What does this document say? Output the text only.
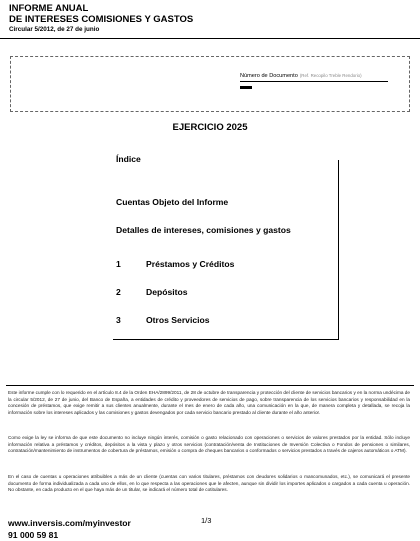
INFORME ANUAL
DE INTERESES COMISIONES Y GASTOS
Circular 5/2012, de 27 de junio
Número de Documento (Ref. Recopilo Treble Rendorio)
EJERCICIO 2025
Índice
Cuentas Objeto del Informe
Detalles de intereses, comisiones y gastos
1	Préstamos y Créditos
2	Depósitos
3	Otros Servicios

Este informe cumple con lo requerido en el artículo 8.4 de la Orden EHA/2899/2011, de 28 de octubre de transparencia y protección del cliente de servicios bancarios y en la norma undécima de la circular 5/2012, de 27 de junio, del Banco de España, a entidades de crédito y proveedores de servicios de pago, sobre transparencia de los servicios bancarios y responsabilidad en la concesión de préstamos, que exige remitir a sus clientes anualmente, durante el mes de enero de cada año, una comunicación en la que, de manera completa y detallada, se recoja la información sobre los intereses aplicados y las comisiones y gastos devengados por cada servicio bancario prestado al cliente durante el año anterior.

Como exige la ley se informa de que este documento no incluye ningún interés, comisión o gasto relacionado con operaciones o servicios de valores prestados por la entidad. Sólo incluye información relativa a préstamos y créditos, depósitos a la vista y plazo y otros servicios (contratación/venta de Instituciones de Inversión Colectiva o Fondos de pensiones o similares, contratación/mantenimiento de instrumentos de cobertura de préstamos, emisión o compra de cheques bancarios o conformados o servicios prestados a través de cajeros automáticos o ATM).

En el caso de cuentas u operaciones atribuibles a más de un cliente (cuentas con varios titulares, préstamos con deudores solidarios o mancomunados, etc.), se comunicará el presente documento de forma individualizada a cada uno de ellos, en lo que respecta a las operaciones que le afecten, aunque sin dividir los importes aplicados o cargados a cada cuenta u operación. No obstante, en cada producto en el que haya más de un titular, se indicará el número total de cotitulares.

1/3
www.inversis.com/myinvestor
91 000 59 81
